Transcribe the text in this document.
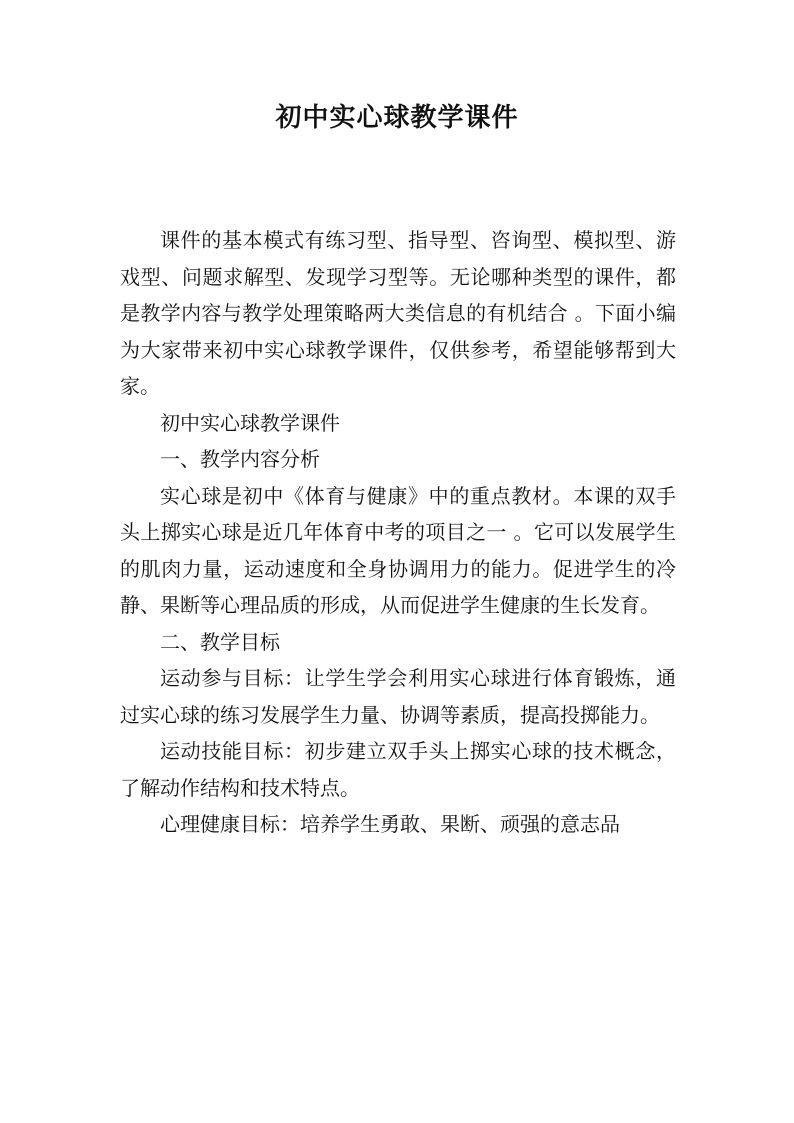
初中实心球教学课件

课件的基本模式有练习型、指导型、咨询型、模拟型、游戏型、问题求解型、发现学习型等。无论哪种类型的课件，都是教学内容与教学处理策略两大类信息的有机结合 。下面小编为大家带来初中实心球教学课件，仅供参考，希望能够帮到大家。

初中实心球教学课件

一、教学内容分析

实心球是初中《体育与健康》中的重点教材。本课的双手头上掷实心球是近几年体育中考的项目之一 。它可以发展学生的肌肉力量，运动速度和全身协调用力的能力。促进学生的冷静、果断等心理品质的形成，从而促进学生健康的生长发育。

二、教学目标

运动参与目标：让学生学会利用实心球进行体育锻炼，通过实心球的练习发展学生力量、协调等素质，提高投掷能力。

运动技能目标：初步建立双手头上掷实心球的技术概念，了解动作结构和技术特点。

心理健康目标：培养学生勇敢、果断、顽强的意志品
